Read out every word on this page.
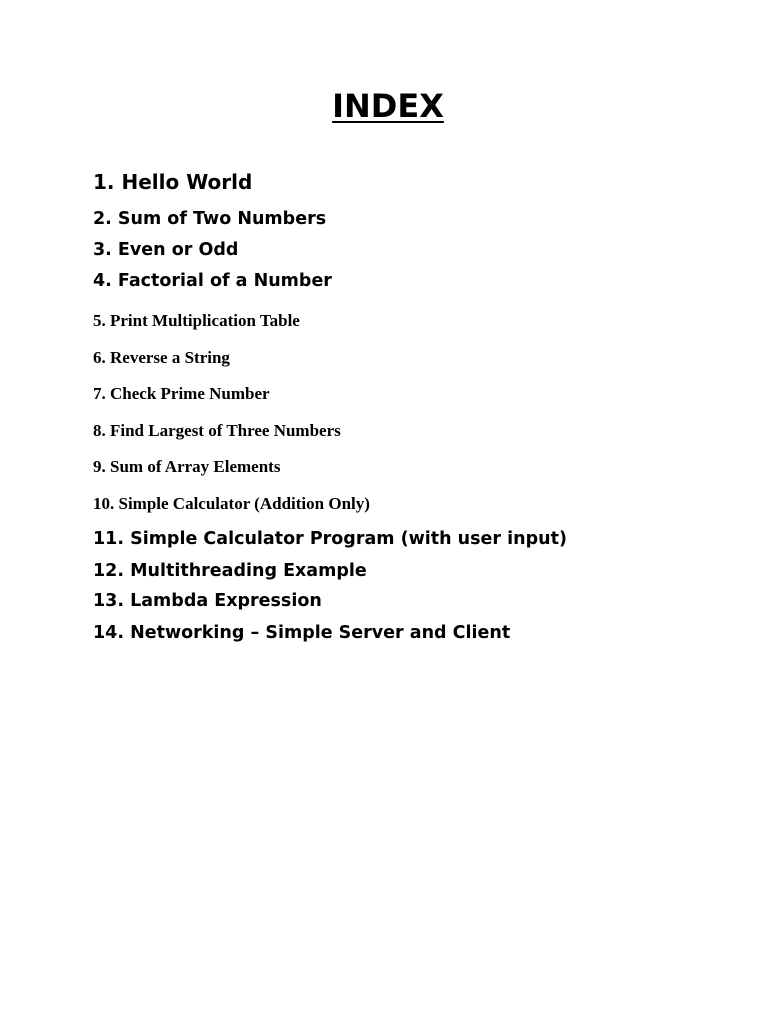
INDEX
1. Hello World
2. Sum of Two Numbers
3. Even or Odd
4. Factorial of a Number
5. Print Multiplication Table
6. Reverse a String
7. Check Prime Number
8. Find Largest of Three Numbers
9. Sum of Array Elements
10. Simple Calculator (Addition Only)
11. Simple Calculator Program (with user input)
12. Multithreading Example
13. Lambda Expression
14. Networking – Simple Server and Client
